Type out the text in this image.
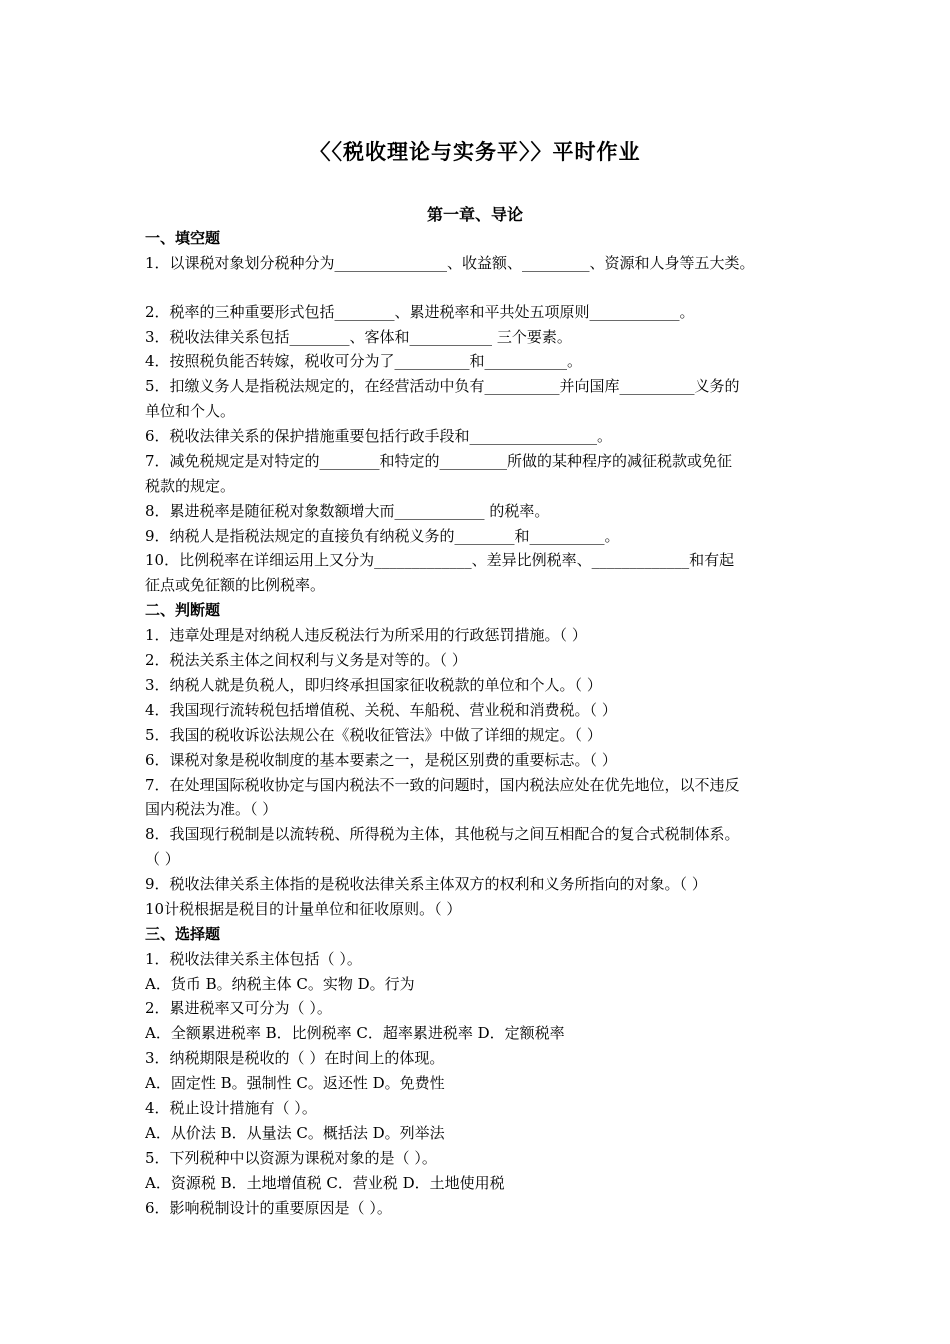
〈〈税收理论与实务平〉〉平时作业
第一章、导论
一、填空题
1．以课税对象划分税种分为_______________、收益额、_________、资源和人身等五大类。
2．税率的三种重要形式包括________、累进税率和平共处五项原则____________。
3．税收法律关系包括________、客体和___________ 三个要素。
4．按照税负能否转嫁，税收可分为了__________和___________。
5．扣缴义务人是指税法规定的，在经营活动中负有__________并向国库__________义务的
单位和个人。
6．税收法律关系的保护措施重要包括行政手段和_________________。
7．减免税规定是对特定的________和特定的_________所做的某种程序的减征税款或免征
税款的规定。
8．累进税率是随征税对象数额增大而____________ 的税率。
9．纳税人是指税法规定的直接负有纳税义务的________和__________。
10．比例税率在详细运用上又分为_____________、差异比例税率、_____________和有起
征点或免征额的比例税率。
二、判断题
1．违章处理是对纳税人违反税法行为所采用的行政惩罚措施。（ ）
2．税法关系主体之间权利与义务是对等的。（ ）
3．纳税人就是负税人，即归终承担国家征收税款的单位和个人。（ ）
4．我国现行流转税包括增值税、关税、车船税、营业税和消费税。（ ）
5．我国的税收诉讼法规公在《税收征管法》中做了详细的规定。（ ）
6．课税对象是税收制度的基本要素之一，是税区别费的重要标志。（ ）
7．在处理国际税收协定与国内税法不一致的问题时，国内税法应处在优先地位，以不违反
国内税法为准。（ ）
8．我国现行税制是以流转税、所得税为主体，其他税与之间互相配合的复合式税制体系。
（ ）
9．税收法律关系主体指的是税收法律关系主体双方的权利和义务所指向的对象。（ ）
10计税根据是税目的计量单位和征收原则。（ ）
三、选择题
1．税收法律关系主体包括（ ）。
A．货币 B。纳税主体 C。实物 D。行为
2．累进税率又可分为（ ）。
A．全额累进税率 B．比例税率 C．超率累进税率 D．定额税率
3．纳税期限是税收的（ ）在时间上的体现。
A．固定性 B。强制性 C。返还性 D。免费性
4．税止设计措施有（ ）。
A．从价法 B．从量法 C。概括法 D。列举法
5．下列税种中以资源为课税对象的是（ ）。
A．资源税 B．土地增值税 C．营业税 D．土地使用税
6．影响税制设计的重要原因是（ ）。
